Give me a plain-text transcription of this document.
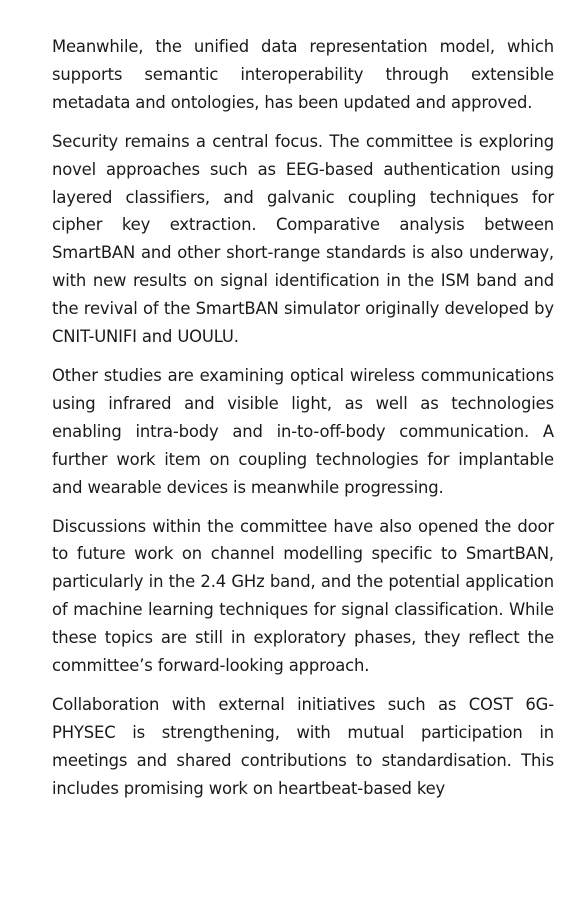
Meanwhile, the unified data representation model, which supports semantic interoperability through extensible metadata and ontologies, has been updated and approved.

Security remains a central focus. The committee is exploring novel approaches such as EEG-based authentication using layered classifiers, and galvanic coupling techniques for cipher key extraction. Comparative analysis between SmartBAN and other short-range standards is also underway, with new results on signal identification in the ISM band and the revival of the SmartBAN simulator originally developed by CNIT-UNIFI and UOULU.

Other studies are examining optical wireless communications using infrared and visible light, as well as technologies enabling intra-body and in-to-off-body communication. A further work item on coupling technologies for implantable and wearable devices is meanwhile progressing.

Discussions within the committee have also opened the door to future work on channel modelling specific to SmartBAN, particularly in the 2.4 GHz band, and the potential application of machine learning techniques for signal classification. While these topics are still in exploratory phases, they reflect the committee’s forward-looking approach.

Collaboration with external initiatives such as COST 6G-PHYSEC is strengthening, with mutual participation in meetings and shared contributions to standardisation. This includes promising work on heartbeat-based key
